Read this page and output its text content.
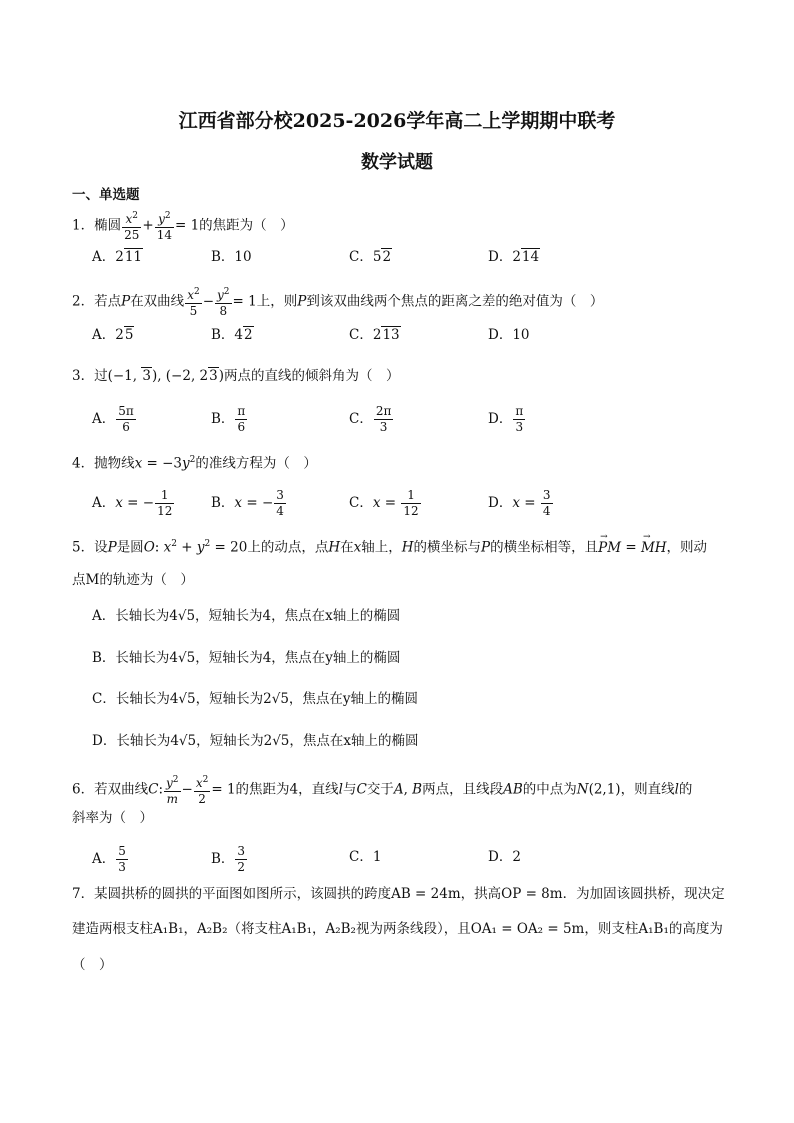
江西省部分校2025-2026学年高二上学期期中联考
数学试题
一、单选题
1．椭圆 $\frac{x^2}{25} + \frac{y^2}{14} = 1$的焦距为（　）
A．211	B．10	C．52	D．214
2．若点P在双曲线 $\frac{x^2}{5} - \frac{y^2}{8} = 1$上，则P到该双曲线两个焦点的距离之差的绝对值为（　）
A．25	B．42	C．213	D．10
3．过(−1, 3), (−2, 23)两点的直线的倾斜角为（　）
A． $\frac{5\pi}{6}$	B． $\frac{\pi}{6}$	C． $\frac{2\pi}{3}$	D． $\frac{\pi}{3}$
4．抛物线$x = -3y^2$的准线方程为（　）
A．x = − $\frac{1}{12}$	B．x = − $\frac{3}{4}$	C．$x = \frac{1}{12}$	D．$x = \frac{3}{4}$
5．设P是圆O: $x^2 + y^2 = 20$上的动点，点H在x轴上，H的横坐标与P的横坐标相等，且→ PM = → MH，则动
点M的轨迹为（　）
A．长轴长为4√5，短轴长为4，焦点在x轴上的椭圆
B．长轴长为4√5，短轴长为4，焦点在y轴上的椭圆
C．长轴长为4√5，短轴长为2√5，焦点在y轴上的椭圆
D．长轴长为4√5，短轴长为2√5，焦点在x轴上的椭圆
6．若双曲线C: $\frac{y^2}{m} - \frac{x^2}{2} = 1$的焦距为4，直线l与C交于A, B两点，且线段AB的中点为N(2,1)，则直线l的
斜率为（　）
A． $\frac{5}{3}$	B． $\frac{3}{2}$	C．1	D．2
7．某圆拱桥的圆拱的平面图如图所示，该圆拱的跨度AB = 24m，拱高OP = 8m．为加固该圆拱桥，现决定
建造两根支柱A₁B₁，A₂B₂（将支柱A₁B₁，A₂B₂视为两条线段），且OA₁ = OA₂ = 5m，则支柱A₁B₁的高度为
（　）
